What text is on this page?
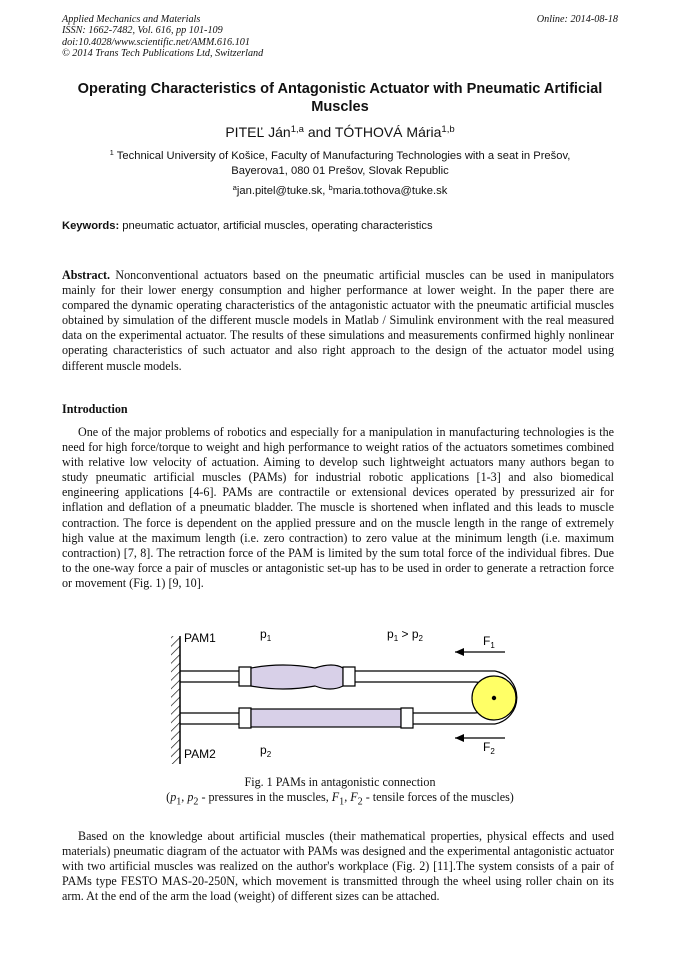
Applied Mechanics and Materials
ISSN: 1662-7482, Vol. 616, pp 101-109
doi:10.4028/www.scientific.net/AMM.616.101
© 2014 Trans Tech Publications Ltd, Switzerland
Online: 2014-08-18
Operating Characteristics of Antagonistic Actuator with Pneumatic Artificial Muscles
PITEĽ Ján$^{1,a}$ and TÓTHOVÁ Mária$^{1,b}$
$^1$ Technical University of Košice, Faculty of Manufacturing Technologies with a seat in Prešov,
Bayerova1, 080 01 Prešov, Slovak Republic
$^a$jan.pitel@tuke.sk, $^b$maria.tothova@tuke.sk
Keywords: pneumatic actuator, artificial muscles, operating characteristics

Abstract. Nonconventional actuators based on the pneumatic artificial muscles can be used in manipulators mainly for their lower energy consumption and higher performance at lower weight. In the paper there are compared the dynamic operating characteristics of the antagonistic actuator with the pneumatic artificial muscles obtained by simulation of the different muscle models in Matlab / Simulink environment with the real measured data on the experimental actuator. The results of these simulations and measurements confirmed highly nonlinear operating characteristics of such actuator and also right approach to the design of the actuator model using different muscle models.

Introduction

One of the major problems of robotics and especially for a manipulation in manufacturing technologies is the need for high force/torque to weight and high performance to weight ratios of the actuators sometimes combined with relative low velocity of actuation. Aiming to develop such lightweight actuators many authors began to study pneumatic artificial muscles (PAMs) for industrial robotic applications [1-3] and also biomedical engineering applications [4-6]. PAMs are contractile or extensional devices operated by pressurized air for inflation and deflation of a pneumatic bladder. The muscle is shortened when inflated and this leads to muscle contraction. The force is dependent on the applied pressure and on the muscle length in the range of extremely high value at the maximum length (i.e. zero contraction) to zero value at the minimum length (i.e. maximum contraction) [7, 8]. The retraction force of the PAM is limited by the sum total force of the individual fibres. Due to the one-way force a pair of muscles or antagonistic set-up has to be used in order to generate a retraction force or movement (Fig. 1) [9, 10].

PAM1
PAM2
$p_1$
$p_2$
$p_1 > p_2$	$F_1$
$F_2$
Fig. 1 PAMs in antagonistic connection
($p_1$, $p_2$ - pressures in the muscles, $F_1$, $F_2$ - tensile forces of the muscles)

Based on the knowledge about artificial muscles (their mathematical properties, physical effects and used materials) pneumatic diagram of the actuator with PAMs was designed and the experimental antagonistic actuator with two artificial muscles was realized on the author's workplace (Fig. 2) [11].The system consists of a pair of PAMs type FESTO MAS-20-250N, which movement is transmitted through the wheel using roller chain on its arm. At the end of the arm the load (weight) of different sizes can be attached.
